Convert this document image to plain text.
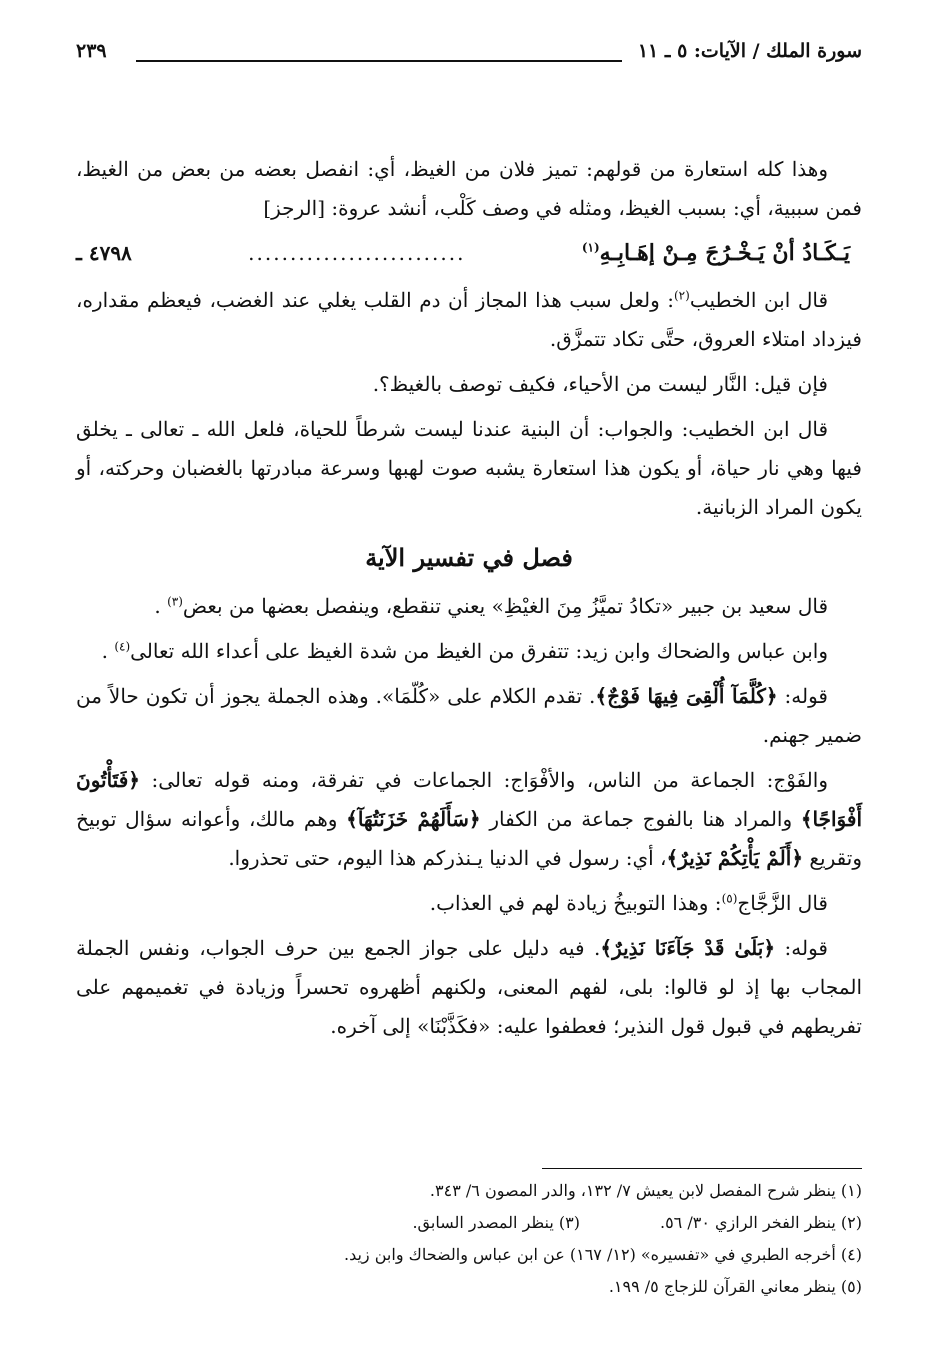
سورة الملك / الآيات: ٥ ـ ١١
٢٣٩

وهذا كله استعارة من قولهم: تميز فلان من الغيظ، أي: انفصل بعضه من بعض من الغيظ، فمن سببية، أي: بسبب الغيظ، ومثله في وصف كَلْب، أنشد عروة: [الرجز]

يَـكَـادُ أنْ يَـخْـرُجَ مِـنْ إهَـابِـهِ$^{(١)}$
..........................
٤٧٩٨ ـ

قال ابن الخطيب$^{(٢)}$: ولعل سبب هذا المجاز أن دم القلب يغلي عند الغضب، فيعظم مقداره، فيزداد امتلاء العروق، حتَّى تكاد تتمزَّق.

فإن قيل: النَّار ليست من الأحياء، فكيف توصف بالغيظ؟.

قال ابن الخطيب: والجواب: أن البنية عندنا ليست شرطاً للحياة، فلعل الله ـ تعالى ـ يخلق فيها وهي نار حياة، أو يكون هذا استعارة يشبه صوت لهبها وسرعة مبادرتها بالغضبان وحركته، أو يكون المراد الزبانية.

فصل في تفسير الآية

قال سعيد بن جبير «تكادُ تميَّزُ مِنَ الغيْظِ» يعني تنقطع، وينفصل بعضها من بعض$^{(٣)}$ .

وابن عباس والضحاك وابن زيد: تتفرق من الغيظ من شدة الغيظ على أعداء الله تعالى$^{(٤)}$ .

قوله: ﴿كُلَّمَآ أُلْقِىَ فِيهَا فَوْجٌ﴾. تقدم الكلام على «كُلّمَا». وهذه الجملة يجوز أن تكون حالاً من ضمير جهنم.

والفَوْج: الجماعة من الناس، والأفْوَاج: الجماعات في تفرقة، ومنه قوله تعالى: ﴿فَتَأْتُونَ أَفْوَاجًا﴾ والمراد هنا بالفوج جماعة من الكفار ﴿سَأَلَهُمْ خَزَنَتُهَآ﴾ وهم مالك، وأعوانه سؤال توبيخ وتقريع ﴿أَلَمْ يَأْتِكُمْ نَذِيرٌ﴾، أي: رسول في الدنيا يـنذركم هذا اليوم، حتى تحذروا.

قال الزَّجَّاج$^{(٥)}$: وهذا التوبيخُ زيادة لهم في العذاب.

قوله: ﴿بَلَىٰ قَدْ جَآءَنَا نَذِيرٌ﴾. فيه دليل على جواز الجمع بين حرف الجواب، ونفس الجملة المجاب بها إذ لو قالوا: بلى، لفهم المعنى، ولكنهم أظهروه تحسراً وزيادة في تغميمهم على تفريطهم في قبول قول النذير؛ فعطفوا عليه: «فكَذَّبْنَا» إلى آخره.

(١) ينظر شرح المفصل لابن يعيش ٧/ ١٣٢، والدر المصون ٦/ ٣٤٣.
(٢) ينظر الفخر الرازي ٣٠/ ٥٦.
(٣) ينظر المصدر السابق.
(٤) أخرجه الطبري في «تفسيره» (١٢/ ١٦٧) عن ابن عباس والضحاك وابن زيد.
(٥) ينظر معاني القرآن للزجاج ٥/ ١٩٩.
